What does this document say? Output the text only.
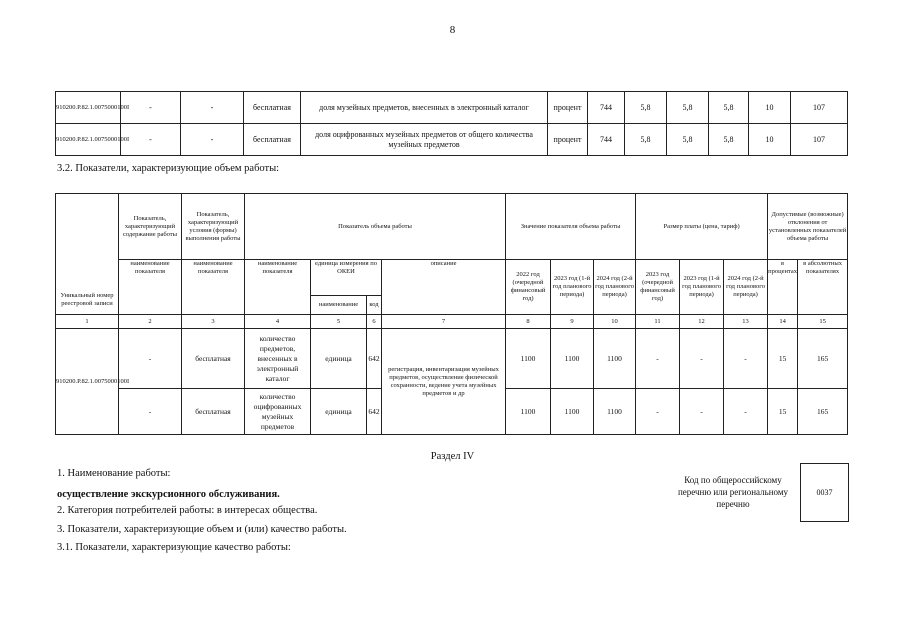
8
910200.Р.82.1.0075000100I	-	-	бесплатная	доля музейных предметов, внесенных в электронный каталог	процент	744	5,8	5,8	5,8	10	107
910200.Р.82.1.0075000100I	-	-	бесплатная	доля оцифрованных музейных предметов от общего количества музейных предметов	процент	744	5,8	5,8	5,8	10	107
3.2. Показатели, характеризующие объем работы:
Уникальный номер реестровой записи	Показатель, характеризующий содержание работы	Показатель, характеризующий условия (формы) выполнения работы	Показатель объема работы				Значение показателя объема работы			Размер платы (цена, тариф)			Допустимые (возможные) отклонения от установленных показателей объема работы	
	наименование показателя	наименование показателя	наименование показателя	единица измерения по ОКЕИ		описание	2022 год (очередной финансовый год)	2023 год (1-й год планового периода)	2024 год (2-й год планового периода)	2023 год (очередной финансовый год)	2023 год (1-й год планового периода)	2024 год (2-й год планового периода)	в процентах	в абсолютных показателях
				наименование	код									
1	2	3	4	5	6	7	8	9	10	11	12	13	14	15
910200.Р.82.1.0075000100I	-	бесплатная	количество предметов, внесенных в электронный каталог	единица	642	регистрация, инвентаризация музейных предметов, осуществление физической сохранности, ведение учета музейных предметов и др	1100	1100	1100	-	-	-	15	165
	-	бесплатная	количество оцифрованных музейных предметов	единица	642		1100	1100	1100	-	-	-	15	165
Раздел IV
1. Наименование работы:
осуществление экскурсионного обслуживания.
2. Категория потребителей работы: в интересах общества.
3. Показатели, характеризующие объем и (или) качество работы.
3.1. Показатели, характеризующие качество работы:
Код по общероссийскому перечню или региональному перечню
0037
